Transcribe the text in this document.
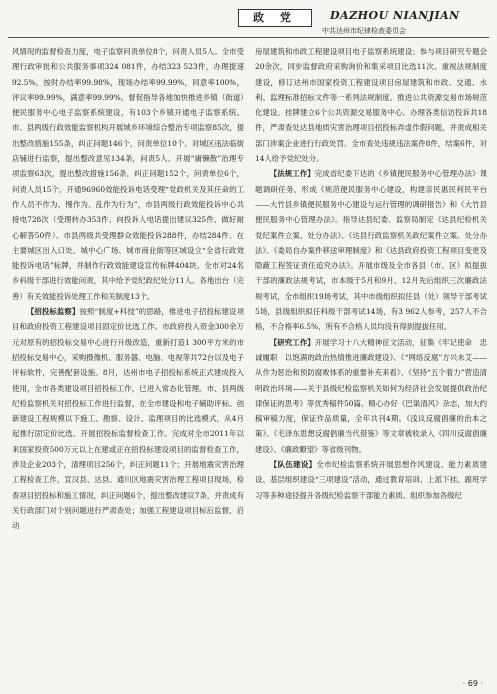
政 党	DAZHOU NIANJIAN
中共达州市纪律检查委员会

风情况的监督检查力度，电子监察问责单位8个，问责人员5人。全市受理行政审批和公共服务事项324 081件，办结323 523件，办理提速92.5%，按时办结率99.98%，现场办结率99.99%，同意率100%，评议率99.99%，满意率99.99%。督促指导各地加快推进乡镇（街道）便民服务中心电子监察系统建设，有103个乡镇开通电子监察系统。市、县两级行政效能监察机构开展城乡环境综合整治专项监察85次，提出整改措施155条，纠正问题146个，问责单位10个。对城区违法临街店铺进行监察，提出整改意见134条，问责5人。开展“庸懒散”治理专项监察63次，提出整改措施156条，纠正问题152个，问责单位6个，问责人员15个。开通96960效能投诉电话受理“党政机关及其任命的工作人员不作为、慢作为、乱作为行为”，市县两级行政效能投诉中心共接电728次（受理转办353件、向投诉人电话提出建议325件、做好耐心解答50件）。市县两级共受理群众效能投诉288件，办结284件。在主要城区出入口处、城中心广场、城市商业街等区域设立“全省行政效能投诉电话”标牌，并制作行政效能建设宣传标牌404块。全市对24名乡科级干部进行效能问责，其中给予党纪政纪处分11人。各地出台（完善）有关效能投诉处理工作和关制度13个。

【招投标监察】按照“制度+科技”的思路，推进电子招投标建设项目和政府投资工程建设项目固定价比选工作。市政府投入资金300余万元对原有的招投标交易中心进行升级改造，重新打造1 300平方米的市招投标交易中心，采购摄像机、服务器、电脑、电视等共72台以及电子评标软件，完善配套设施。8月，达州市电子招投标系统正式建成投入使用，全市各类建设项目招投标工作，已进入常态化管理。市、县两级纪检监察机关对招投标工作进行监督，在全市建设和电子辅助评标。创新建设工程规模以下施工、勘察、设计、监理项目的比选模式，从4月起推行固定价比选。开展招投标监督检查工作。完成对全市2011年以来国家投资500万元以上在建或正在招投标建设项目的监督检查工作，涉及企业203个，清理项目256个，纠正问题11个；开展地震灾害治理工程检查工作，宣汉县、达县、通川区地震灾害治理工程项目现场，检查项目招投标和施工情况，纠正问题6个，提出整改建议7条，并责成有关行政部门对个别问题进行严肃查处；加强工程建设项目标后监督，启动

房屋建筑和市政工程建设项目电子监察系统建设；参与项目研究专题会20余次，同步监督政府采购询价和集采项目比选11次。重视法规制度建设，修订达州市国家投资工程建设项目房屋建筑和市政、交通、水利、监理标准招标文件等一系列法规制度。推进公共资源交易市场规范化建设。挂牌建立6个公共资源交易服务中心。办理各类信访投诉共18件，严肃查处达县地质灾害治理项目招投标弄虚作假问题，并责成相关部门涉案企业进行行政处罚。全市查处违规违法案件8件，结案6件，对14人给予党纪处分。

【法规工作】完成省纪委下达的《乡镇便民服务中心管理办法》课题调研任务，形成《规范便民服务中心建设，构建亲民惠民利民平台——大竹县乡镇便民服务中心建设与运行管理的调研报告》和《大竹县便民服务中心管理办法》。指导达县纪委、监察局制定《达县纪检机关党纪案件立案、处分办法》、《达县行政监察机关政纪案件立案、处分办法》、《委局自办案件移送审理制度》和《达县政府投资工程项目变更及隐蔽工程签证责任追究办法》。开展市级及全市各县（市、区）拟提拔干部的廉政法规考试，市本级于5月和9月、12月先后组织三次廉政法规考试，全市组织19场考试，其中市级组织拟任县（处）领导干部考试5场，县级组织拟任科级干部考试14场，有3 962人参考，257人不合格，不合格率6.5%，所有不合格人员均没有得到提拔任用。

【研究工作】开展学习十八大精神征文活动，征集《牢记使命　忠诚履职　以饱满的政治热情推进廉政建设》、《“网络反腐”方兴未艾——从作为惩治和预防腐败体系的重要补充来看》、《坚持“五个着力”营造清明政治环境——关于县级纪检监察机关如何为经济社会发展提供政治纪律保证的思考》等优秀稿件50篇。精心办好《巴渠清风》杂志，加大约稿审稿力度，保证作品质量，全年共刊4期。《浅议反腐倡廉的治本之策》、《毛泽东思想反腐倡廉当代借鉴》等文章被收录入《四川反腐倡廉建设》、《廉政瞭望》等省级刊物。

【队伍建设】全市纪检监察系统开展思想作风建设、能力素质建设、基层组织建设“三项建设”活动，通过教育培训、上派下挂、跟班学习等多种途径提升各级纪检监察干部能力素质。组织参加各级纪

· 69 ·
